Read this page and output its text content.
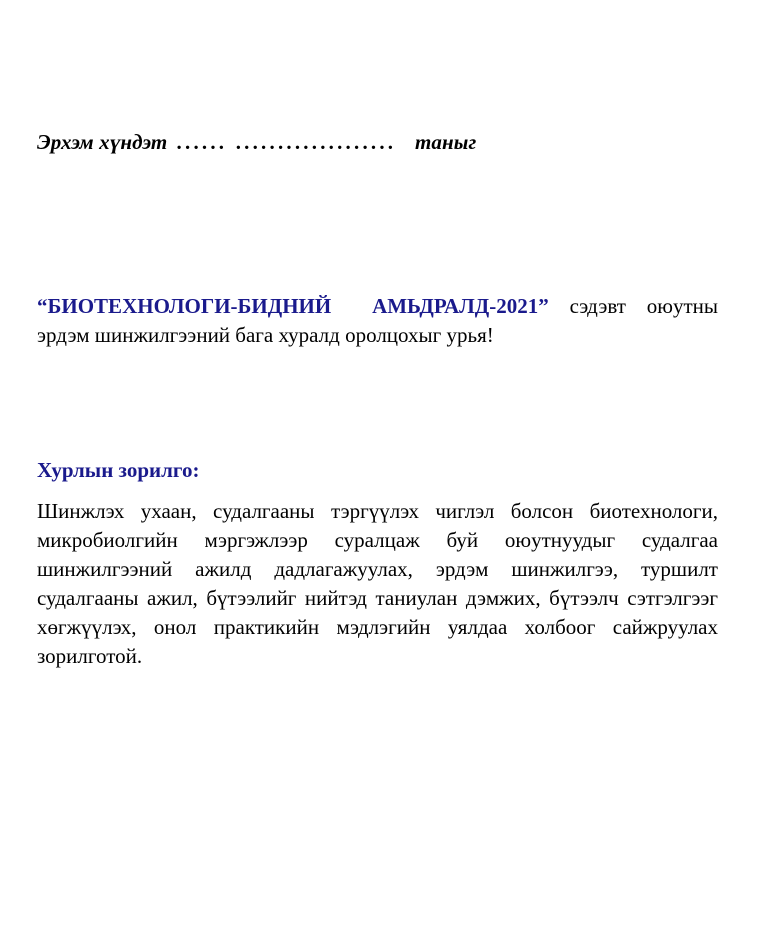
Эрхэм хүндэт ...... ................... таныг
“БИОТЕХНОЛОГИ-БИДНИЙ АМЬДРАЛД-2021” сэдэвт оюутны эрдэм шинжилгээний бага хуралд оролцохыг урья!
Хурлын зорилго:
Шинжлэх ухаан, судалгааны тэргүүлэх чиглэл болсон биотехнологи, микробиолгийн мэргэжлээр суралцаж буй оюутнуудыг судалгаа шинжилгээний ажилд дадлагажуулах, эрдэм шинжилгээ, туршилт судалгааны ажил, бүтээлийг нийтэд таниулан дэмжих, бүтээлч сэтгэлгээг хөгжүүлэх, онол практикийн мэдлэгийн уялдаа холбоог сайжруулах зорилготой.
